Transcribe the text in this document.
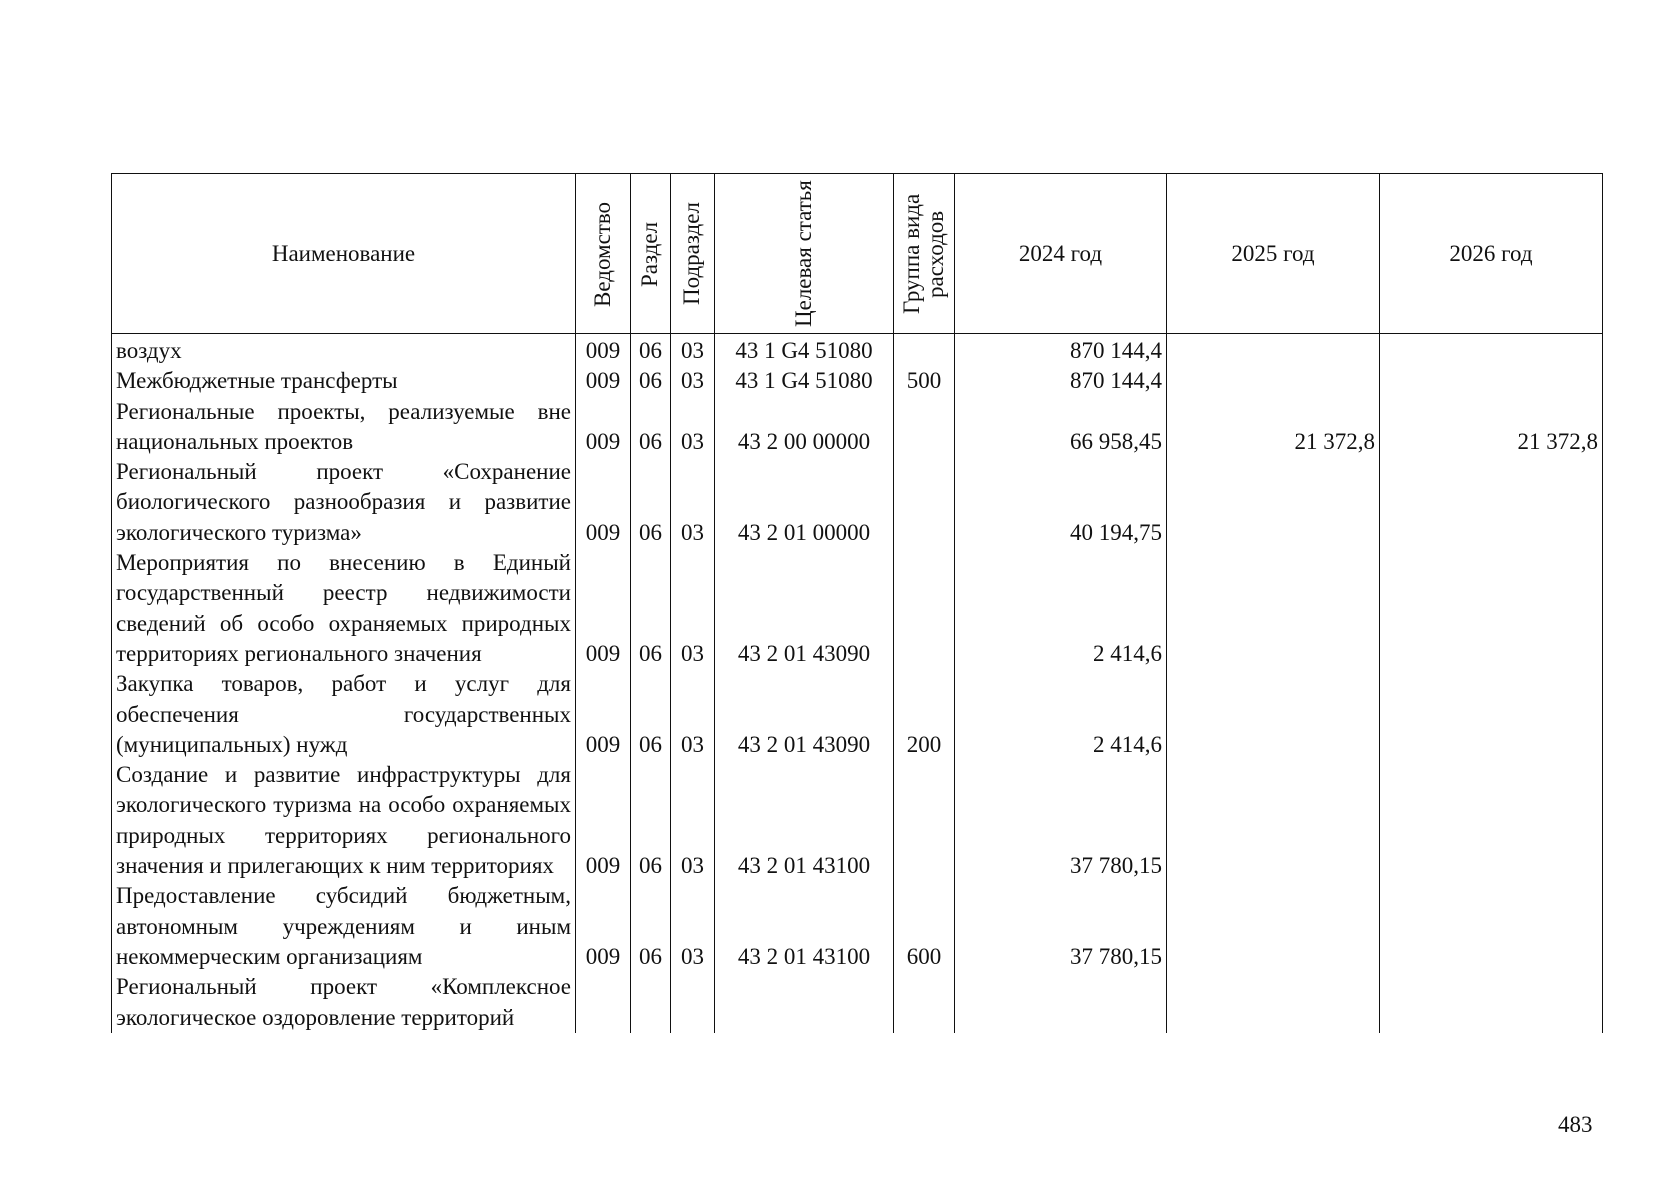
Наименование	Ведомство	Раздел	Подраздел	Целевая статья	Группа вида расходов	2024 год	2025 год	2026 год
воздух	009	06	03	43 1 G4 51080		870 144,4		
Межбюджетные трансферты	009	06	03	43 1 G4 51080	500	870 144,4		
Региональные проекты, реализуемые вне национальных проектов	009	06	03	43 2 00 00000		66 958,45	21 372,8	21 372,8
Региональный проект «Сохранение биологического разнообразия и развитие экологического туризма»	009	06	03	43 2 01 00000		40 194,75		
Мероприятия по внесению в Единый государственный реестр недвижимости сведений об особо охраняемых природных территориях регионального значения	009	06	03	43 2 01 43090		2 414,6		
Закупка товаров, работ и услуг для обеспечения государственных (муниципальных) нужд	009	06	03	43 2 01 43090	200	2 414,6		
Создание и развитие инфраструктуры для экологического туризма на особо охраняемых природных территориях регионального значения и прилегающих к ним территориях	009	06	03	43 2 01 43100		37 780,15		
Предоставление субсидий бюджетным, автономным учреждениям и иным некоммерческим организациям	009	06	03	43 2 01 43100	600	37 780,15		
Региональный проект «Комплексное экологическое оздоровление территорий								
483
